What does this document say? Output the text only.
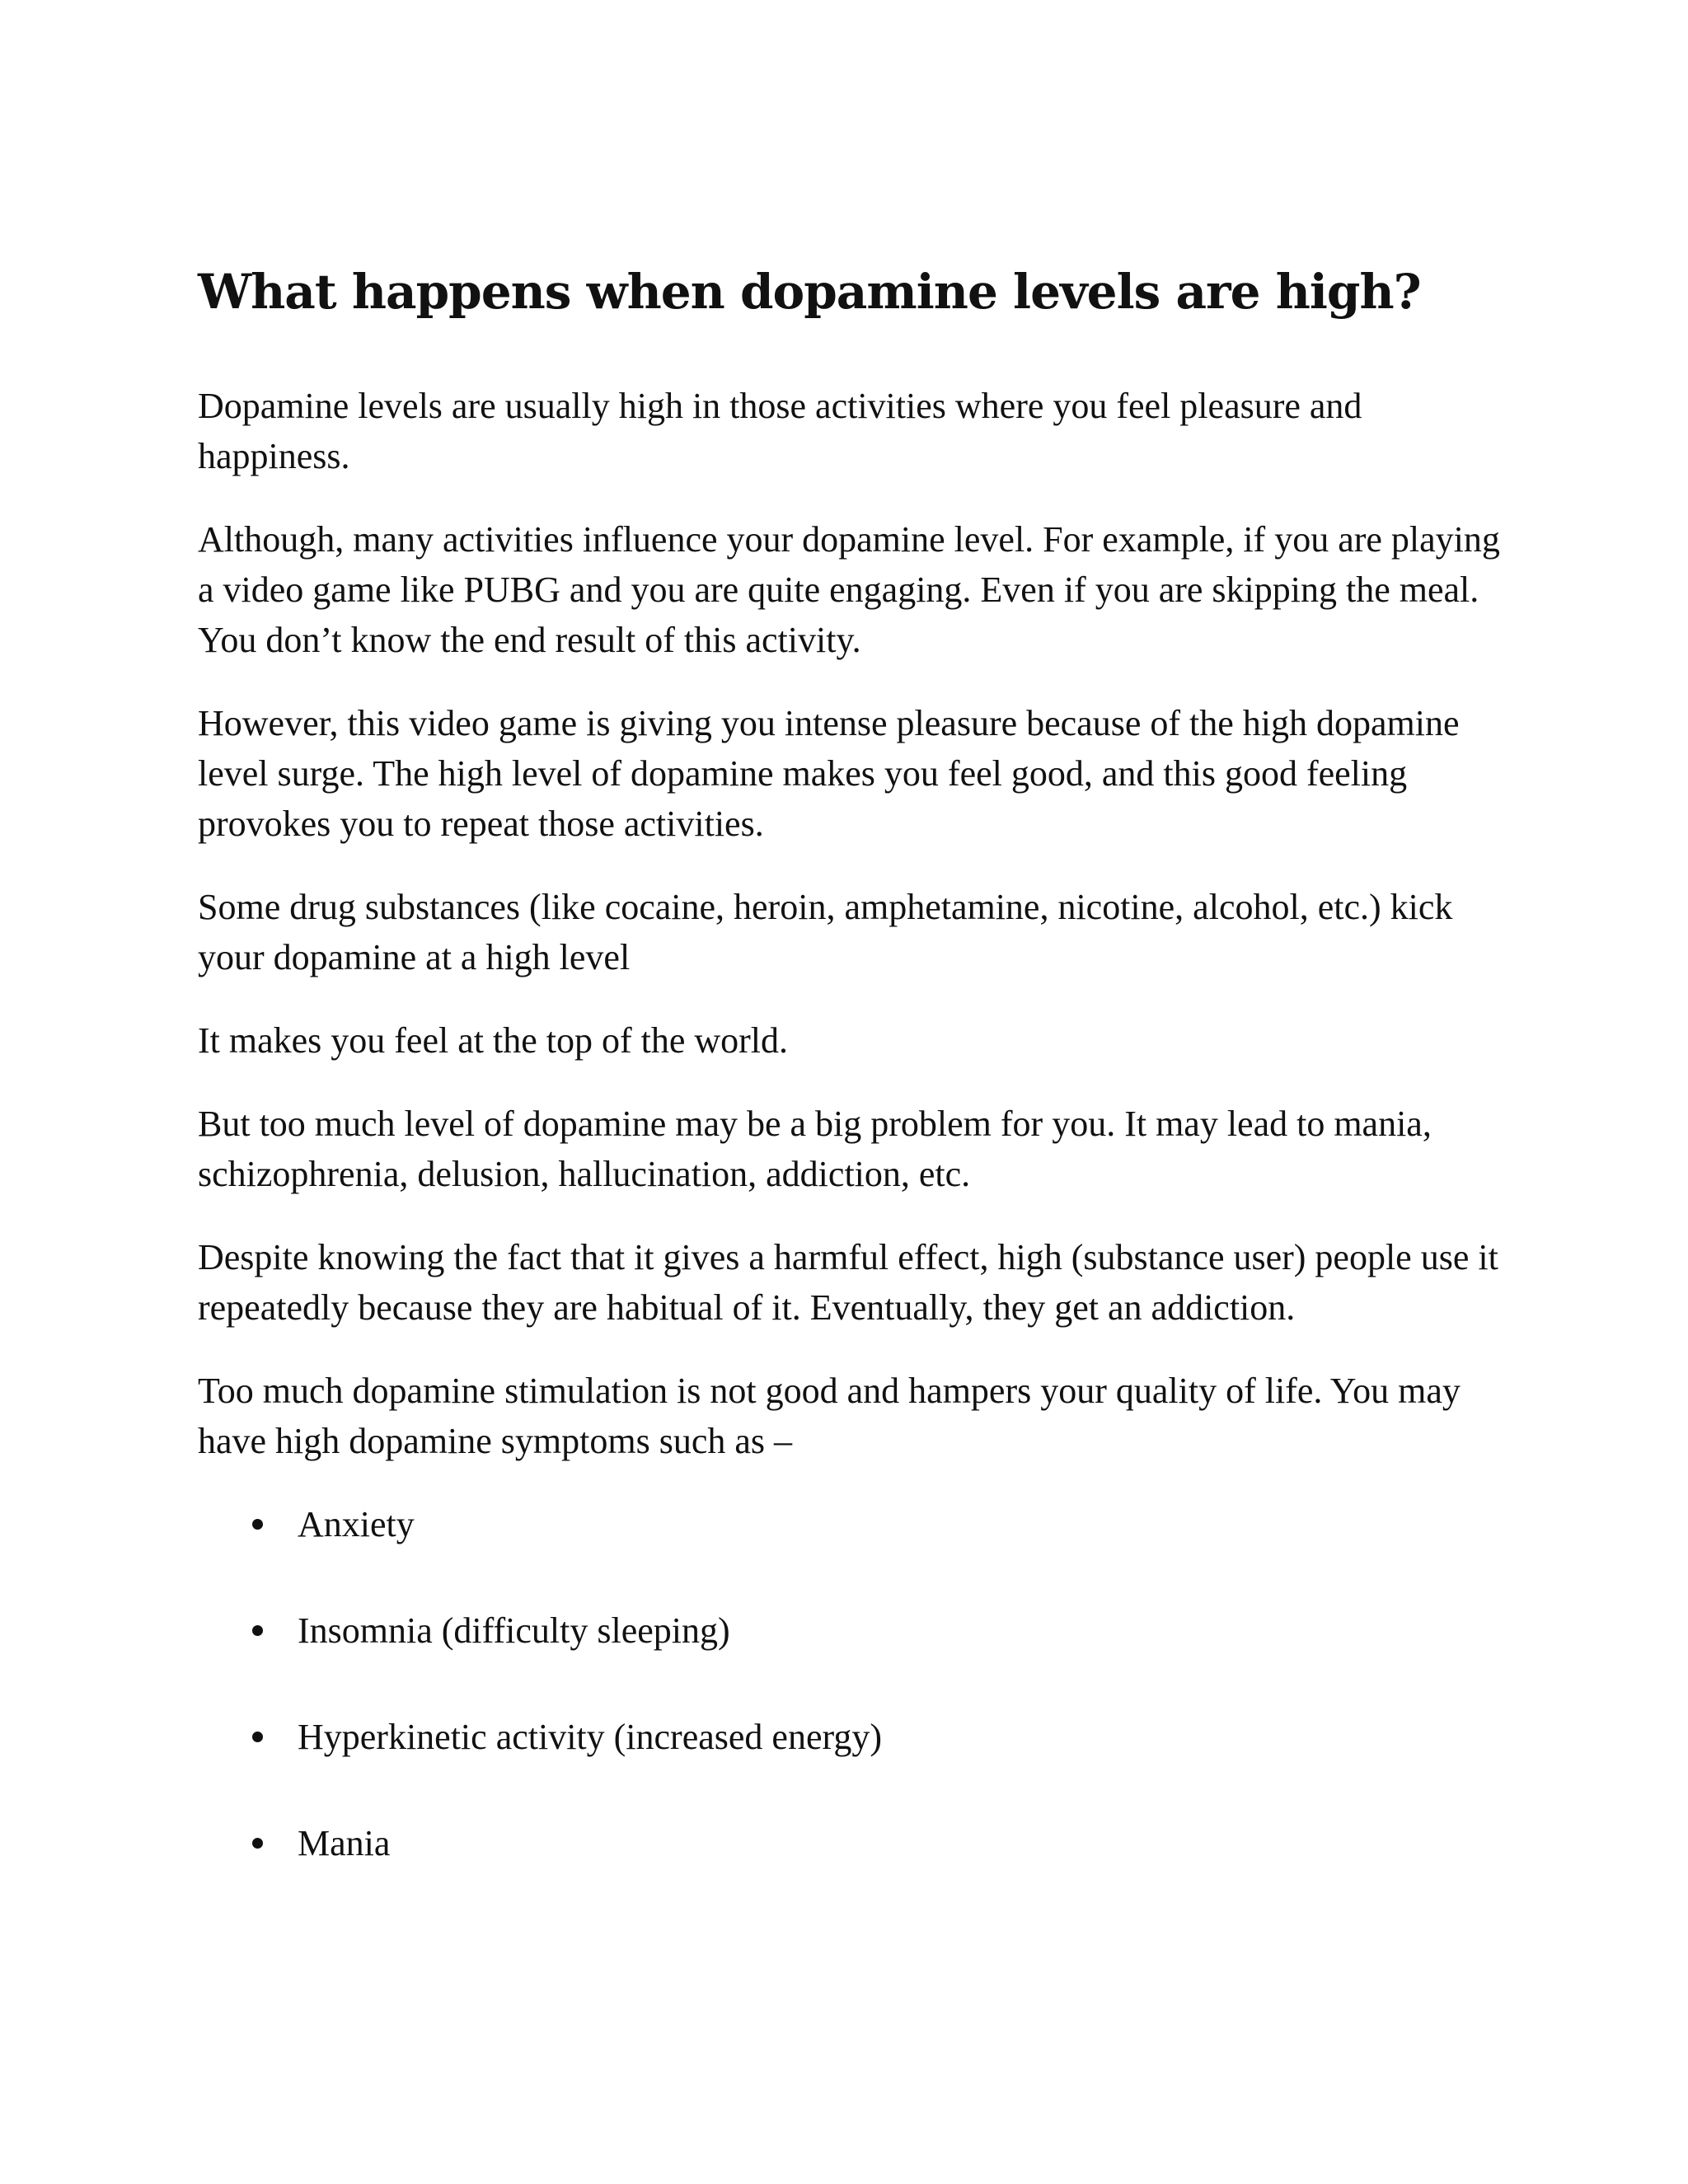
What happens when dopamine levels are high?

Dopamine levels are usually high in those activities where you feel pleasure and happiness.

Although, many activities influence your dopamine level. For example, if you are playing a video game like PUBG and you are quite engaging. Even if you are skipping the meal. You don’t know the end result of this activity.

However, this video game is giving you intense pleasure because of the high dopamine level surge. The high level of dopamine makes you feel good, and this good feeling provokes you to repeat those activities.

Some drug substances (like cocaine, heroin, amphetamine, nicotine, alcohol, etc.) kick your dopamine at a high level

It makes you feel at the top of the world.

But too much level of dopamine may be a big problem for you. It may lead to mania, schizophrenia, delusion, hallucination, addiction, etc.

Despite knowing the fact that it gives a harmful effect, high (substance user) people use it repeatedly because they are habitual of it. Eventually, they get an addiction.

Too much dopamine stimulation is not good and hampers your quality of life. You may have high dopamine symptoms such as –

Anxiety
Insomnia (difficulty sleeping)
Hyperkinetic activity (increased energy)
Mania
